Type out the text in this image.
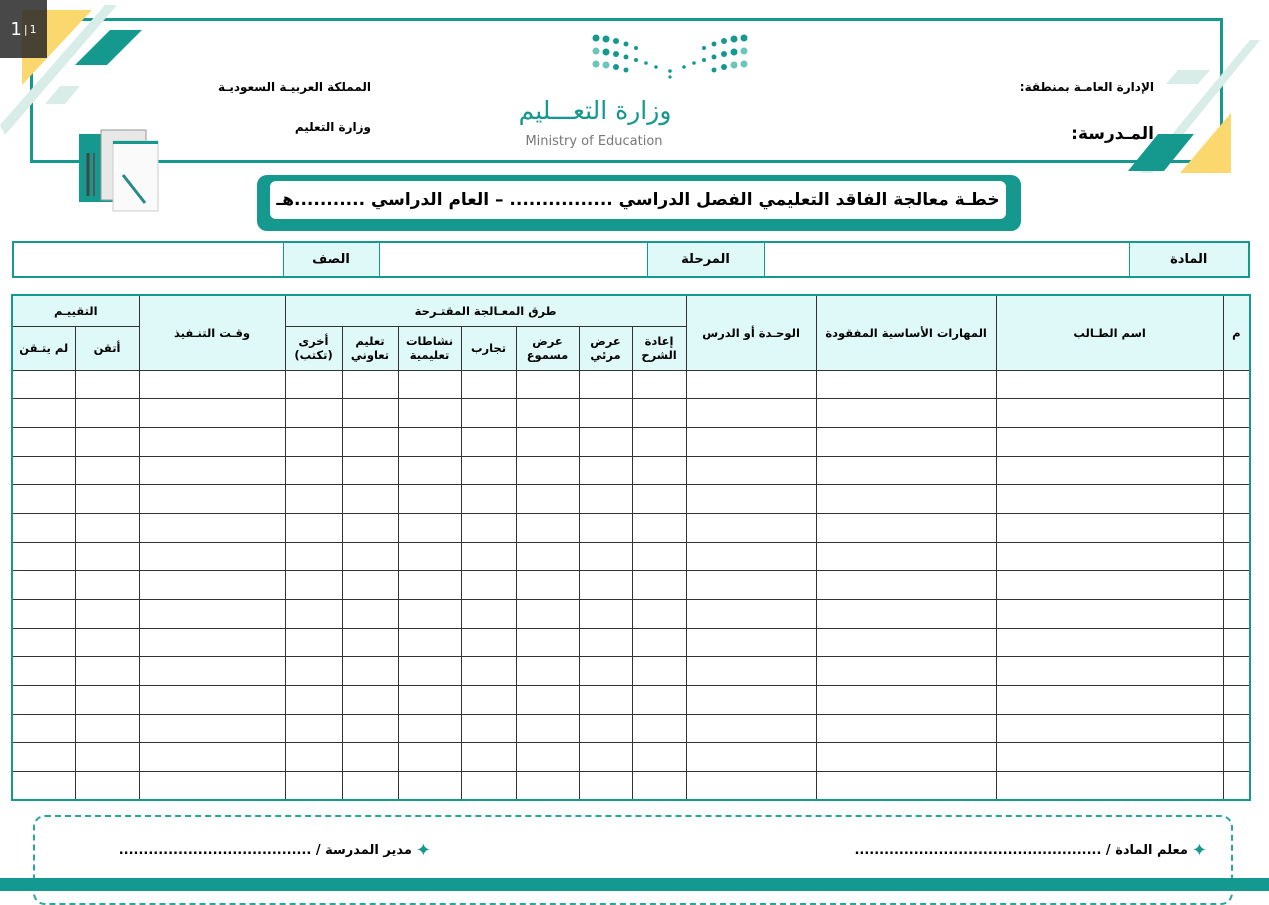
1 | 1
المملكة العربيـة السعوديـة
وزارة التعليم
الإدارة العامـة بمنطقة:
المـدرسة:
وزارة التعـــليم
Ministry of Education
خطـة معالجة الفاقد التعليمي الفصل الدراسي ................ – العام الدراسي ...........هـ
	الصف		المرحلة		المادة
التقييـم		وقـت التنـفيذ	طرق المعـالجة المقتـرحة							الوحـدة أو الدرس	المهارات الأساسية المفقودة	اسم الطـالب	م
لم يتـقن	أتقن		أخرى (تكتب)	تعليم تعاوني	نشاطات تعليمية	تجارب	عرض مسموع	عرض مرئي	إعادة الشرح				

✦
معلم المادة / ..................................................
✦
مدير المدرسة / .......................................
